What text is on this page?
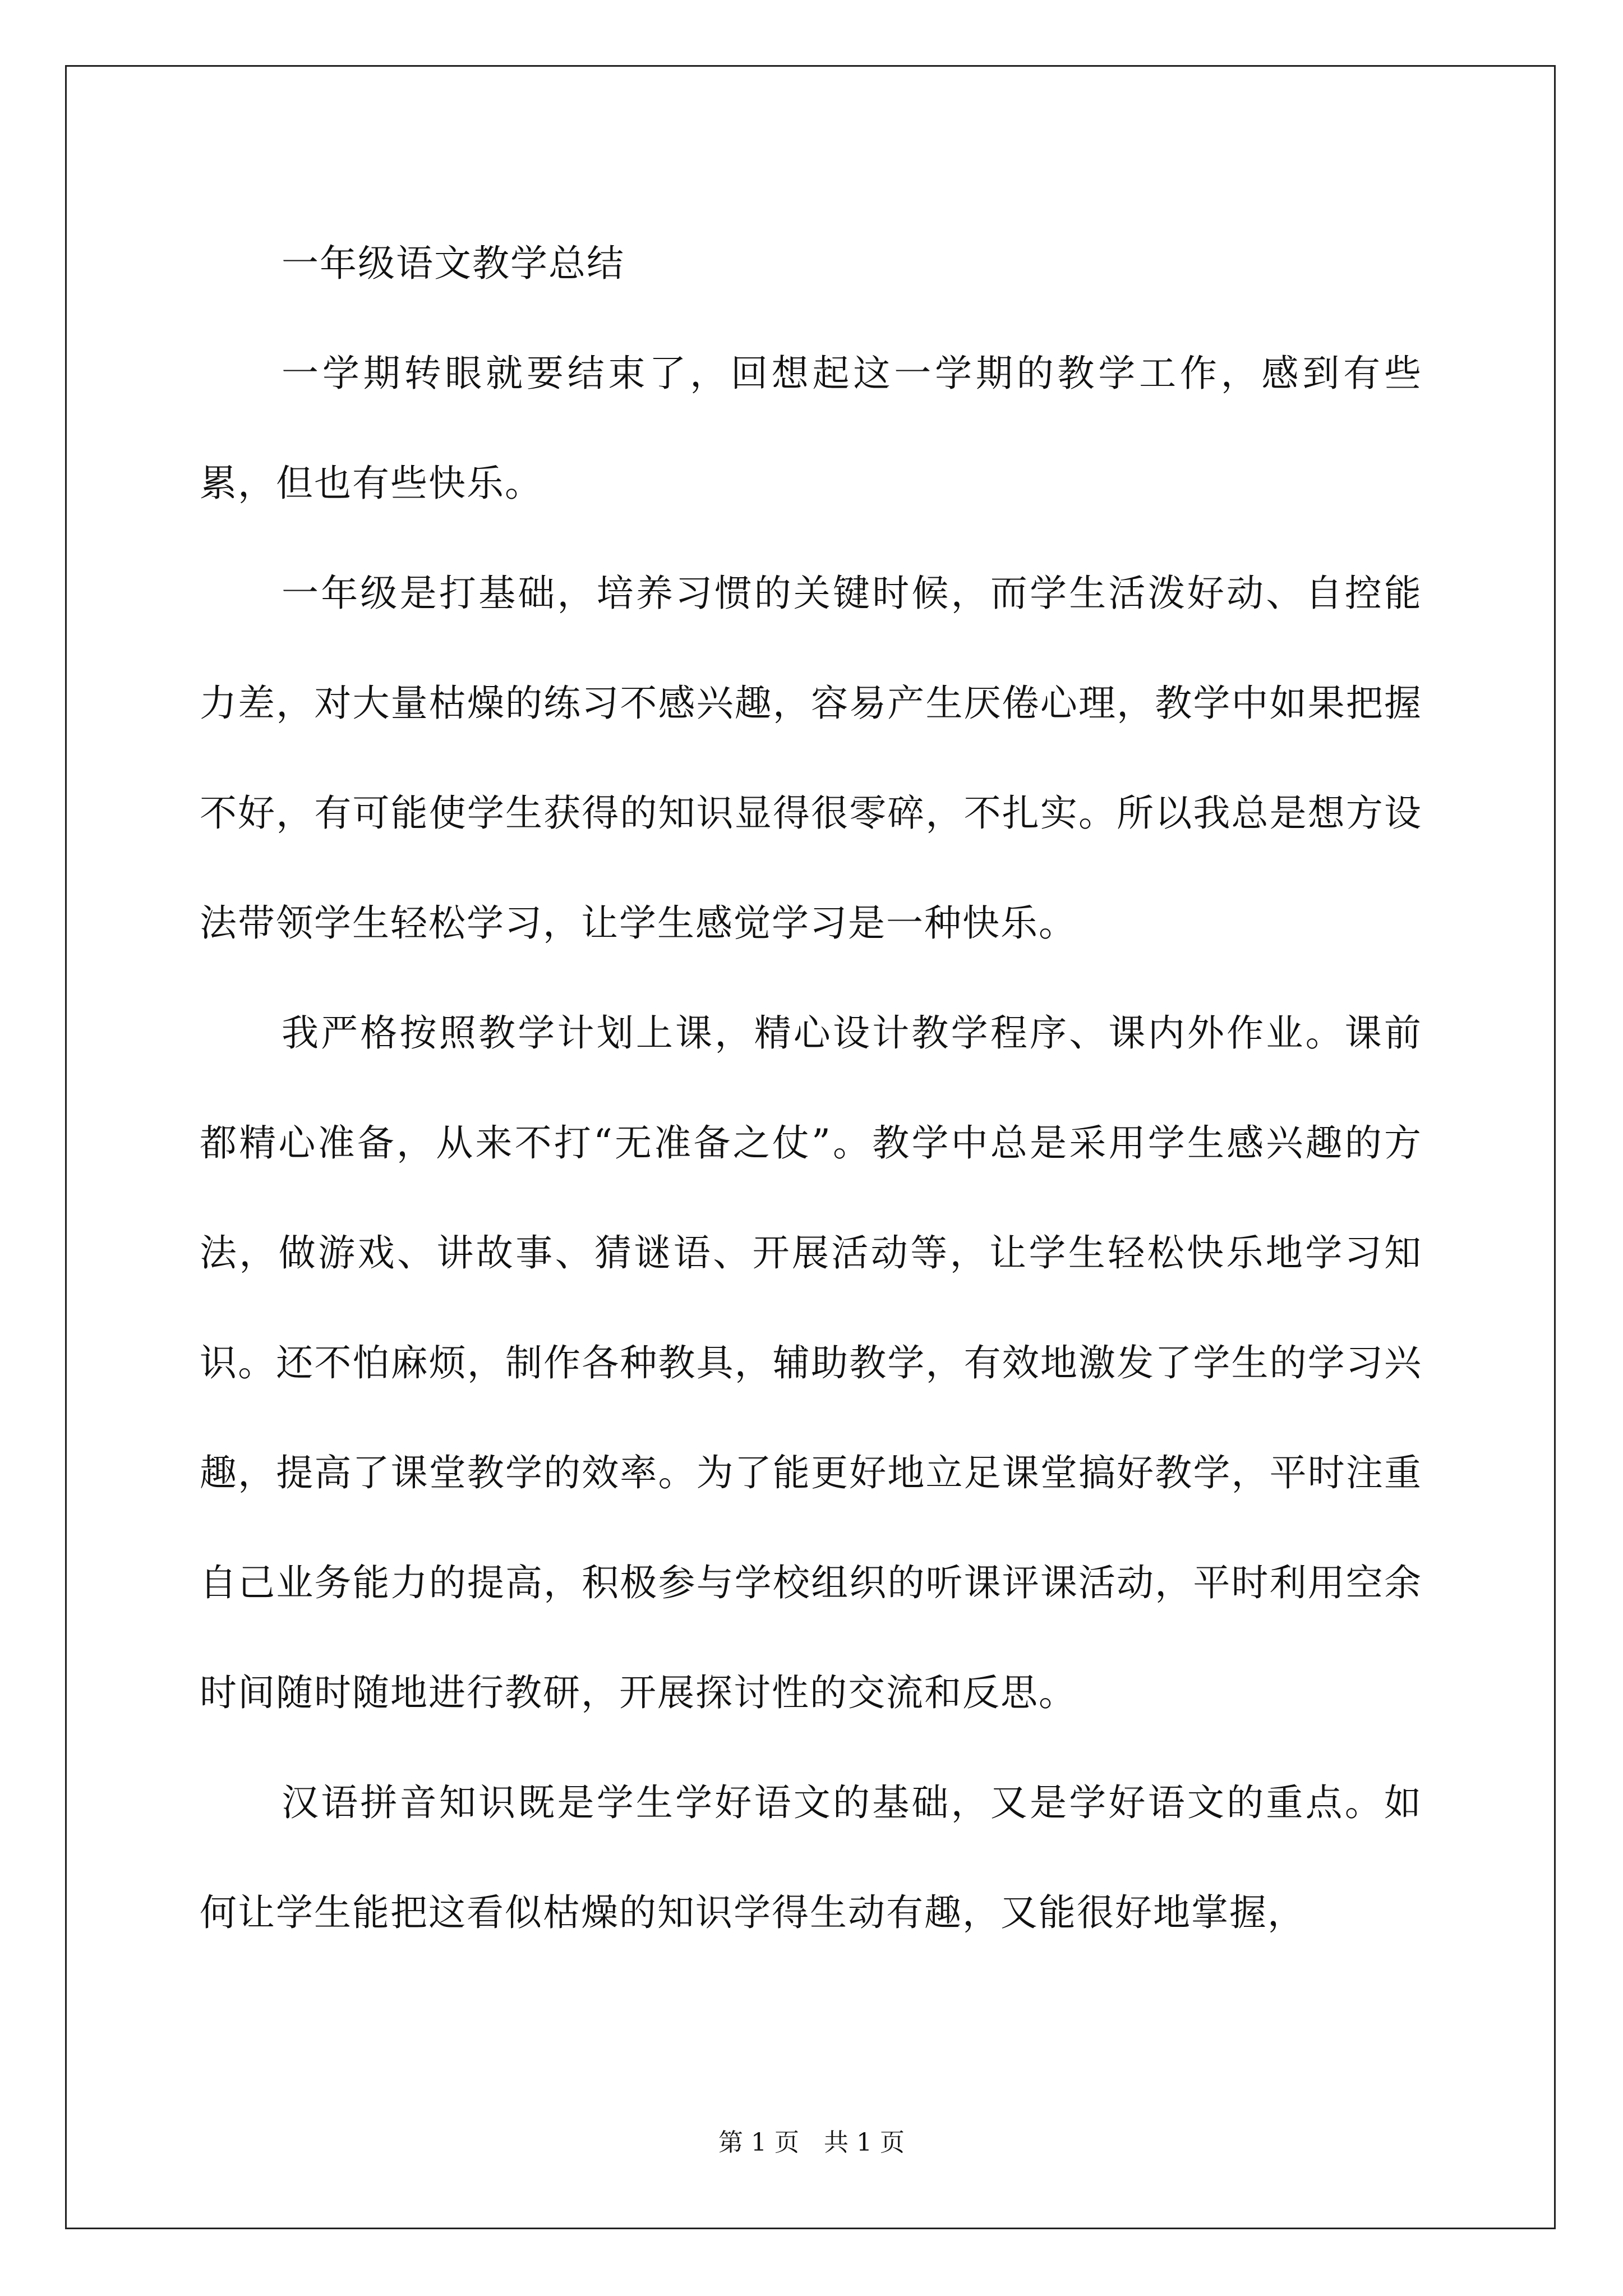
一年级语文教学总结

一学期转眼就要结束了，回想起这一学期的教学工作，感到有些累，但也有些快乐。

一年级是打基础，培养习惯的关键时候，而学生活泼好动、自控能力差，对大量枯燥的练习不感兴趣，容易产生厌倦心理，教学中如果把握不好，有可能使学生获得的知识显得很零碎，不扎实。所以我总是想方设法带领学生轻松学习，让学生感觉学习是一种快乐。

我严格按照教学计划上课，精心设计教学程序、课内外作业。课前都精心准备，从来不打“无准备之仗”。教学中总是采用学生感兴趣的方法，做游戏、讲故事、猜谜语、开展活动等，让学生轻松快乐地学习知识。还不怕麻烦，制作各种教具，辅助教学，有效地激发了学生的学习兴趣，提高了课堂教学的效率。为了能更好地立足课堂搞好教学，平时注重自己业务能力的提高，积极参与学校组织的听课评课活动，平时利用空余时间随时随地进行教研，开展探讨性的交流和反思。

汉语拼音知识既是学生学好语文的基础，又是学好语文的重点。如何让学生能把这看似枯燥的知识学得生动有趣，又能很好地掌握，

第 1 页　共 1 页
